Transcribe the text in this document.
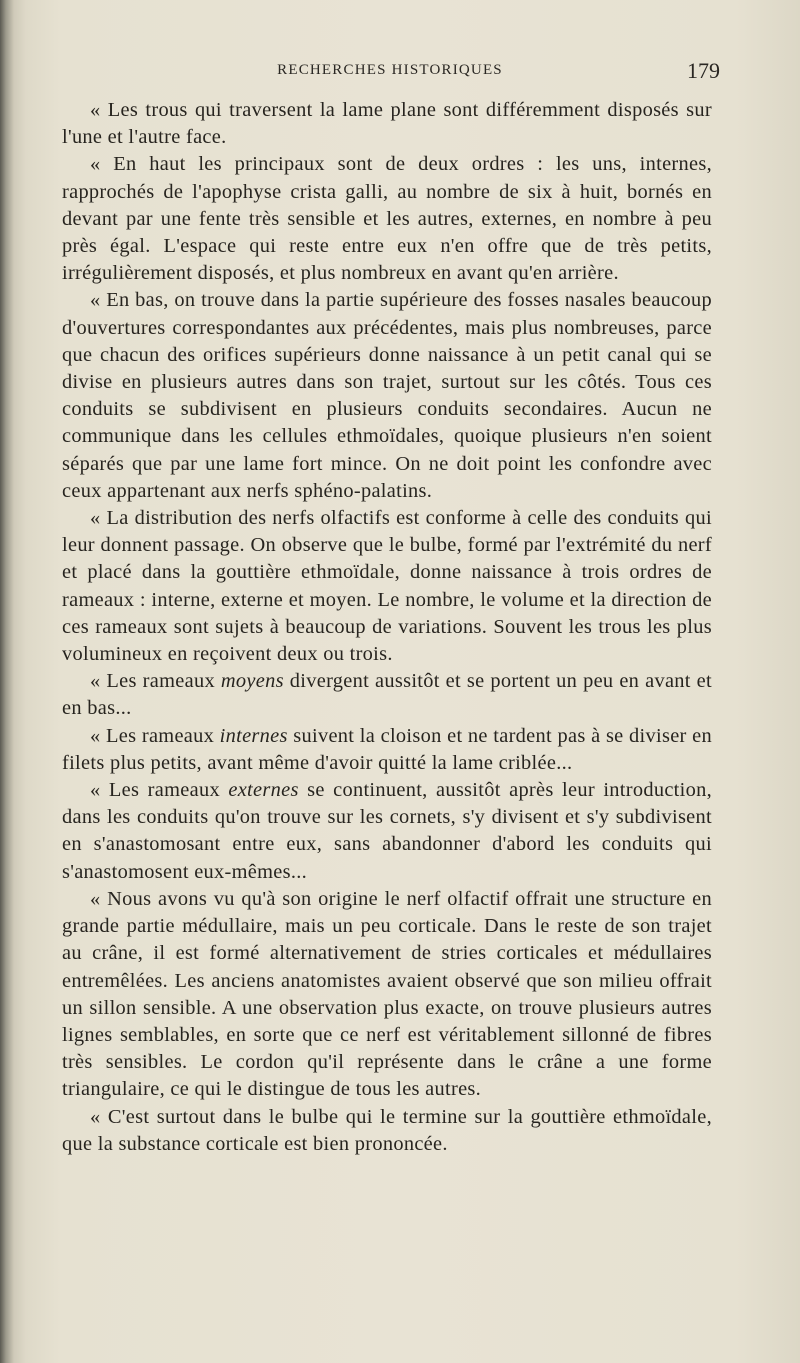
RECHERCHES HISTORIQUES	179

« Les trous qui traversent la lame plane sont différemment disposés sur l'une et l'autre face.

« En haut les principaux sont de deux ordres : les uns, internes, rapprochés de l'apophyse crista galli, au nombre de six à huit, bornés en devant par une fente très sensible et les autres, externes, en nombre à peu près égal. L'espace qui reste entre eux n'en offre que de très petits, irrégulièrement disposés, et plus nombreux en avant qu'en arrière.

« En bas, on trouve dans la partie supérieure des fosses nasales beaucoup d'ouvertures correspondantes aux précédentes, mais plus nombreuses, parce que chacun des orifices supérieurs donne naissance à un petit canal qui se divise en plusieurs autres dans son trajet, surtout sur les côtés. Tous ces conduits se subdivisent en plusieurs conduits secondaires. Aucun ne communique dans les cellules ethmoïdales, quoique plusieurs n'en soient séparés que par une lame fort mince. On ne doit point les confondre avec ceux appartenant aux nerfs sphéno-palatins.

« La distribution des nerfs olfactifs est conforme à celle des conduits qui leur donnent passage. On observe que le bulbe, formé par l'extrémité du nerf et placé dans la gouttière ethmoïdale, donne naissance à trois ordres de rameaux : interne, externe et moyen. Le nombre, le volume et la direction de ces rameaux sont sujets à beaucoup de variations. Souvent les trous les plus volumineux en reçoivent deux ou trois.

« Les rameaux moyens divergent aussitôt et se portent un peu en avant et en bas...

« Les rameaux internes suivent la cloison et ne tardent pas à se diviser en filets plus petits, avant même d'avoir quitté la lame criblée...

« Les rameaux externes se continuent, aussitôt après leur introduction, dans les conduits qu'on trouve sur les cornets, s'y divisent et s'y subdivisent en s'anastomosant entre eux, sans abandonner d'abord les conduits qui s'anastomosent eux-mêmes...

« Nous avons vu qu'à son origine le nerf olfactif offrait une structure en grande partie médullaire, mais un peu corticale. Dans le reste de son trajet au crâne, il est formé alternativement de stries corticales et médullaires entremêlées. Les anciens anatomistes avaient observé que son milieu offrait un sillon sensible. A une observation plus exacte, on trouve plusieurs autres lignes semblables, en sorte que ce nerf est véritablement sillonné de fibres très sensibles. Le cordon qu'il représente dans le crâne a une forme triangulaire, ce qui le distingue de tous les autres.

« C'est surtout dans le bulbe qui le termine sur la gouttière ethmoïdale, que la substance corticale est bien prononcée.
